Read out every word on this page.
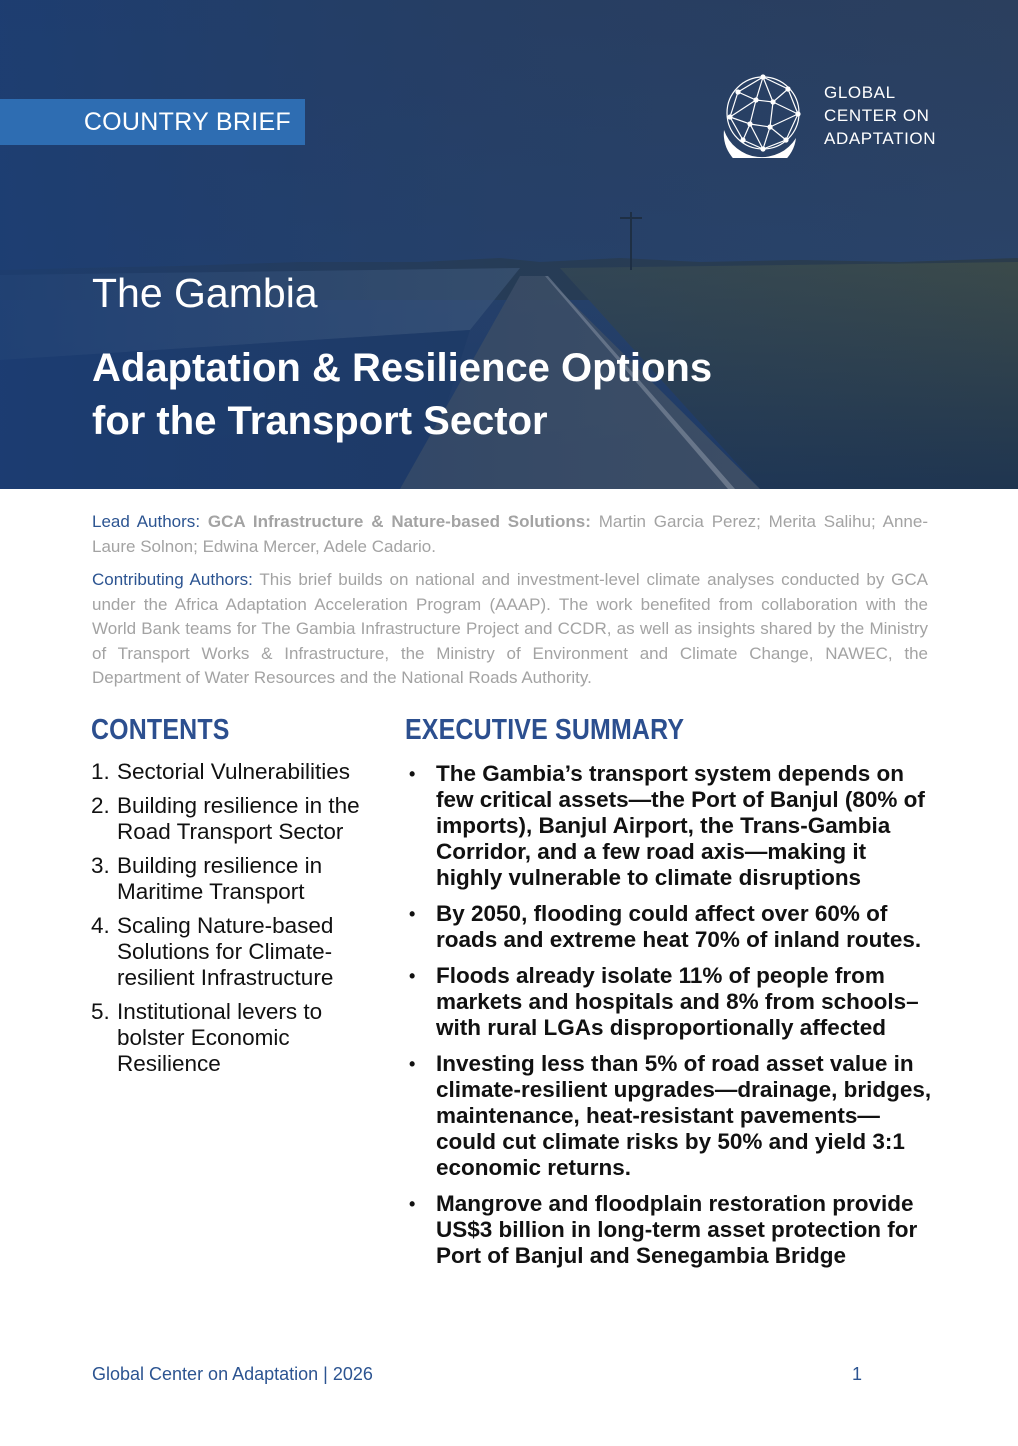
COUNTRY BRIEF
GLOBAL
CENTER ON
ADAPTATION
The Gambia
Adaptation & Resilience Options
for the Transport Sector

Lead Authors: GCA Infrastructure & Nature-based Solutions: Martin Garcia Perez; Merita Salihu; Anne-Laure Solnon; Edwina Mercer, Adele Cadario.

Contributing Authors: This brief builds on national and investment-level climate analyses conducted by GCA under the Africa Adaptation Acceleration Program (AAAP). The work benefited from collaboration with the World Bank teams for The Gambia Infrastructure Project and CCDR, as well as insights shared by the Ministry of Transport Works & Infrastructure, the Ministry of Environment and Climate Change, NAWEC, the Department of Water Resources and the National Roads Authority.

CONTENTS
1. Sectorial Vulnerabilities
2. Building resilience in the Road Transport Sector
3. Building resilience in Maritime Transport
4. Scaling Nature-based Solutions for Climate-resilient Infrastructure
5. Institutional levers to bolster Economic Resilience
EXECUTIVE SUMMARY
• The Gambia’s transport system depends on few critical assets—the Port of Banjul (80% of imports), Banjul Airport, the Trans-Gambia Corridor, and a few road axis—making it highly vulnerable to climate disruptions
• By 2050, flooding could affect over 60% of roads and extreme heat 70% of inland routes.
• Floods already isolate 11% of people from markets and hospitals and 8% from schools–with rural LGAs disproportionally affected
• Investing less than 5% of road asset value in climate-resilient upgrades—drainage, bridges, maintenance, heat-resistant pavements—could cut climate risks by 50% and yield 3:1 economic returns.
• Mangrove and floodplain restoration provide US$3 billion in long-term asset protection for Port of Banjul and Senegambia Bridge
Global Center on Adaptation | 2026	1
